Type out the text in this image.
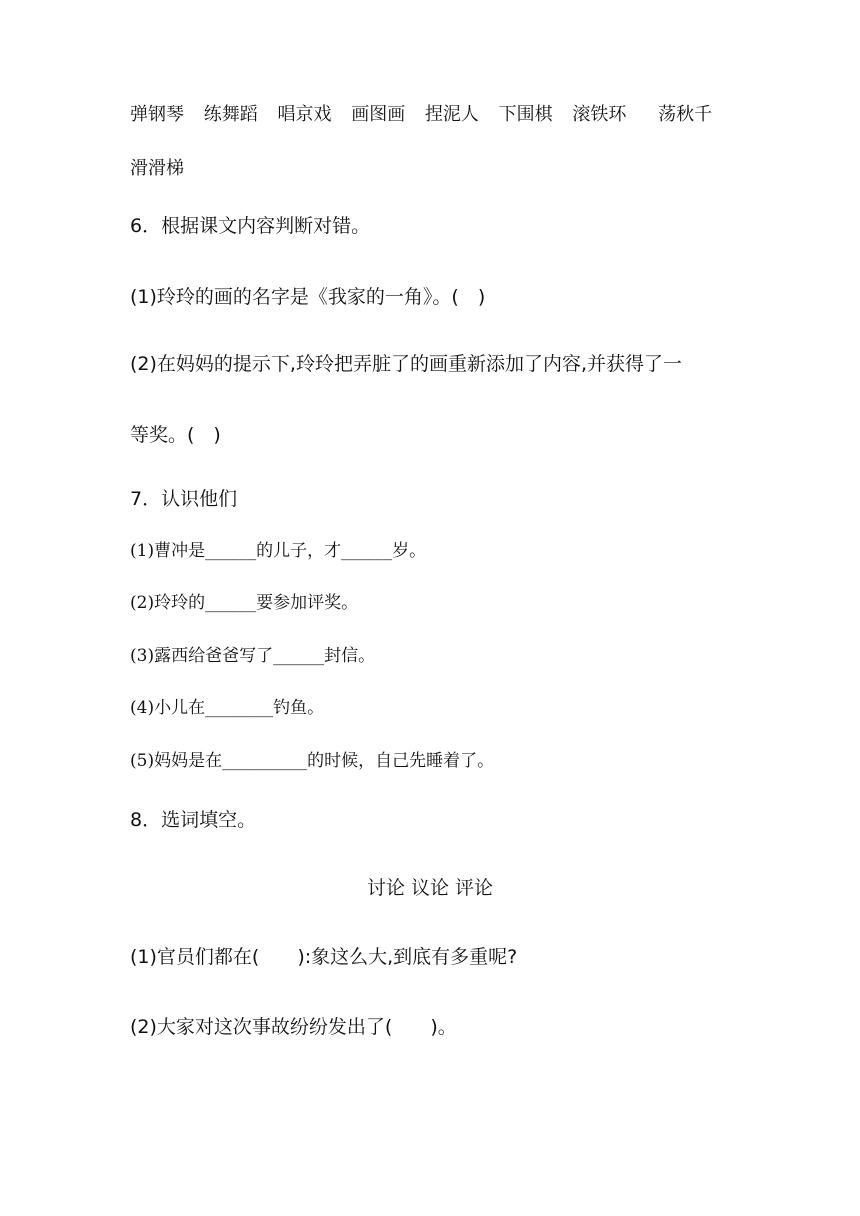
弹钢琴 练舞蹈 唱京戏 画图画 捏泥人 下围棋 滚铁环 荡秋千
滑滑梯
6．根据课文内容判断对错。
(1)玲玲的画的名字是《我家的一角》。(　)
(2)在妈妈的提示下,玲玲把弄脏了的画重新添加了内容,并获得了一
等奖。(　)
7．认识他们
(1)曹冲是______的儿子，才______岁。
(2)玲玲的______要参加评奖。
(3)露西给爸爸写了______封信。
(4)小儿在________钓鱼。
(5)妈妈是在__________的时候，自己先睡着了。
8．选词填空。
讨论 议论 评论
(1)官员们都在(　　):象这么大,到底有多重呢?
(2)大家对这次事故纷纷发出了(　　)。
